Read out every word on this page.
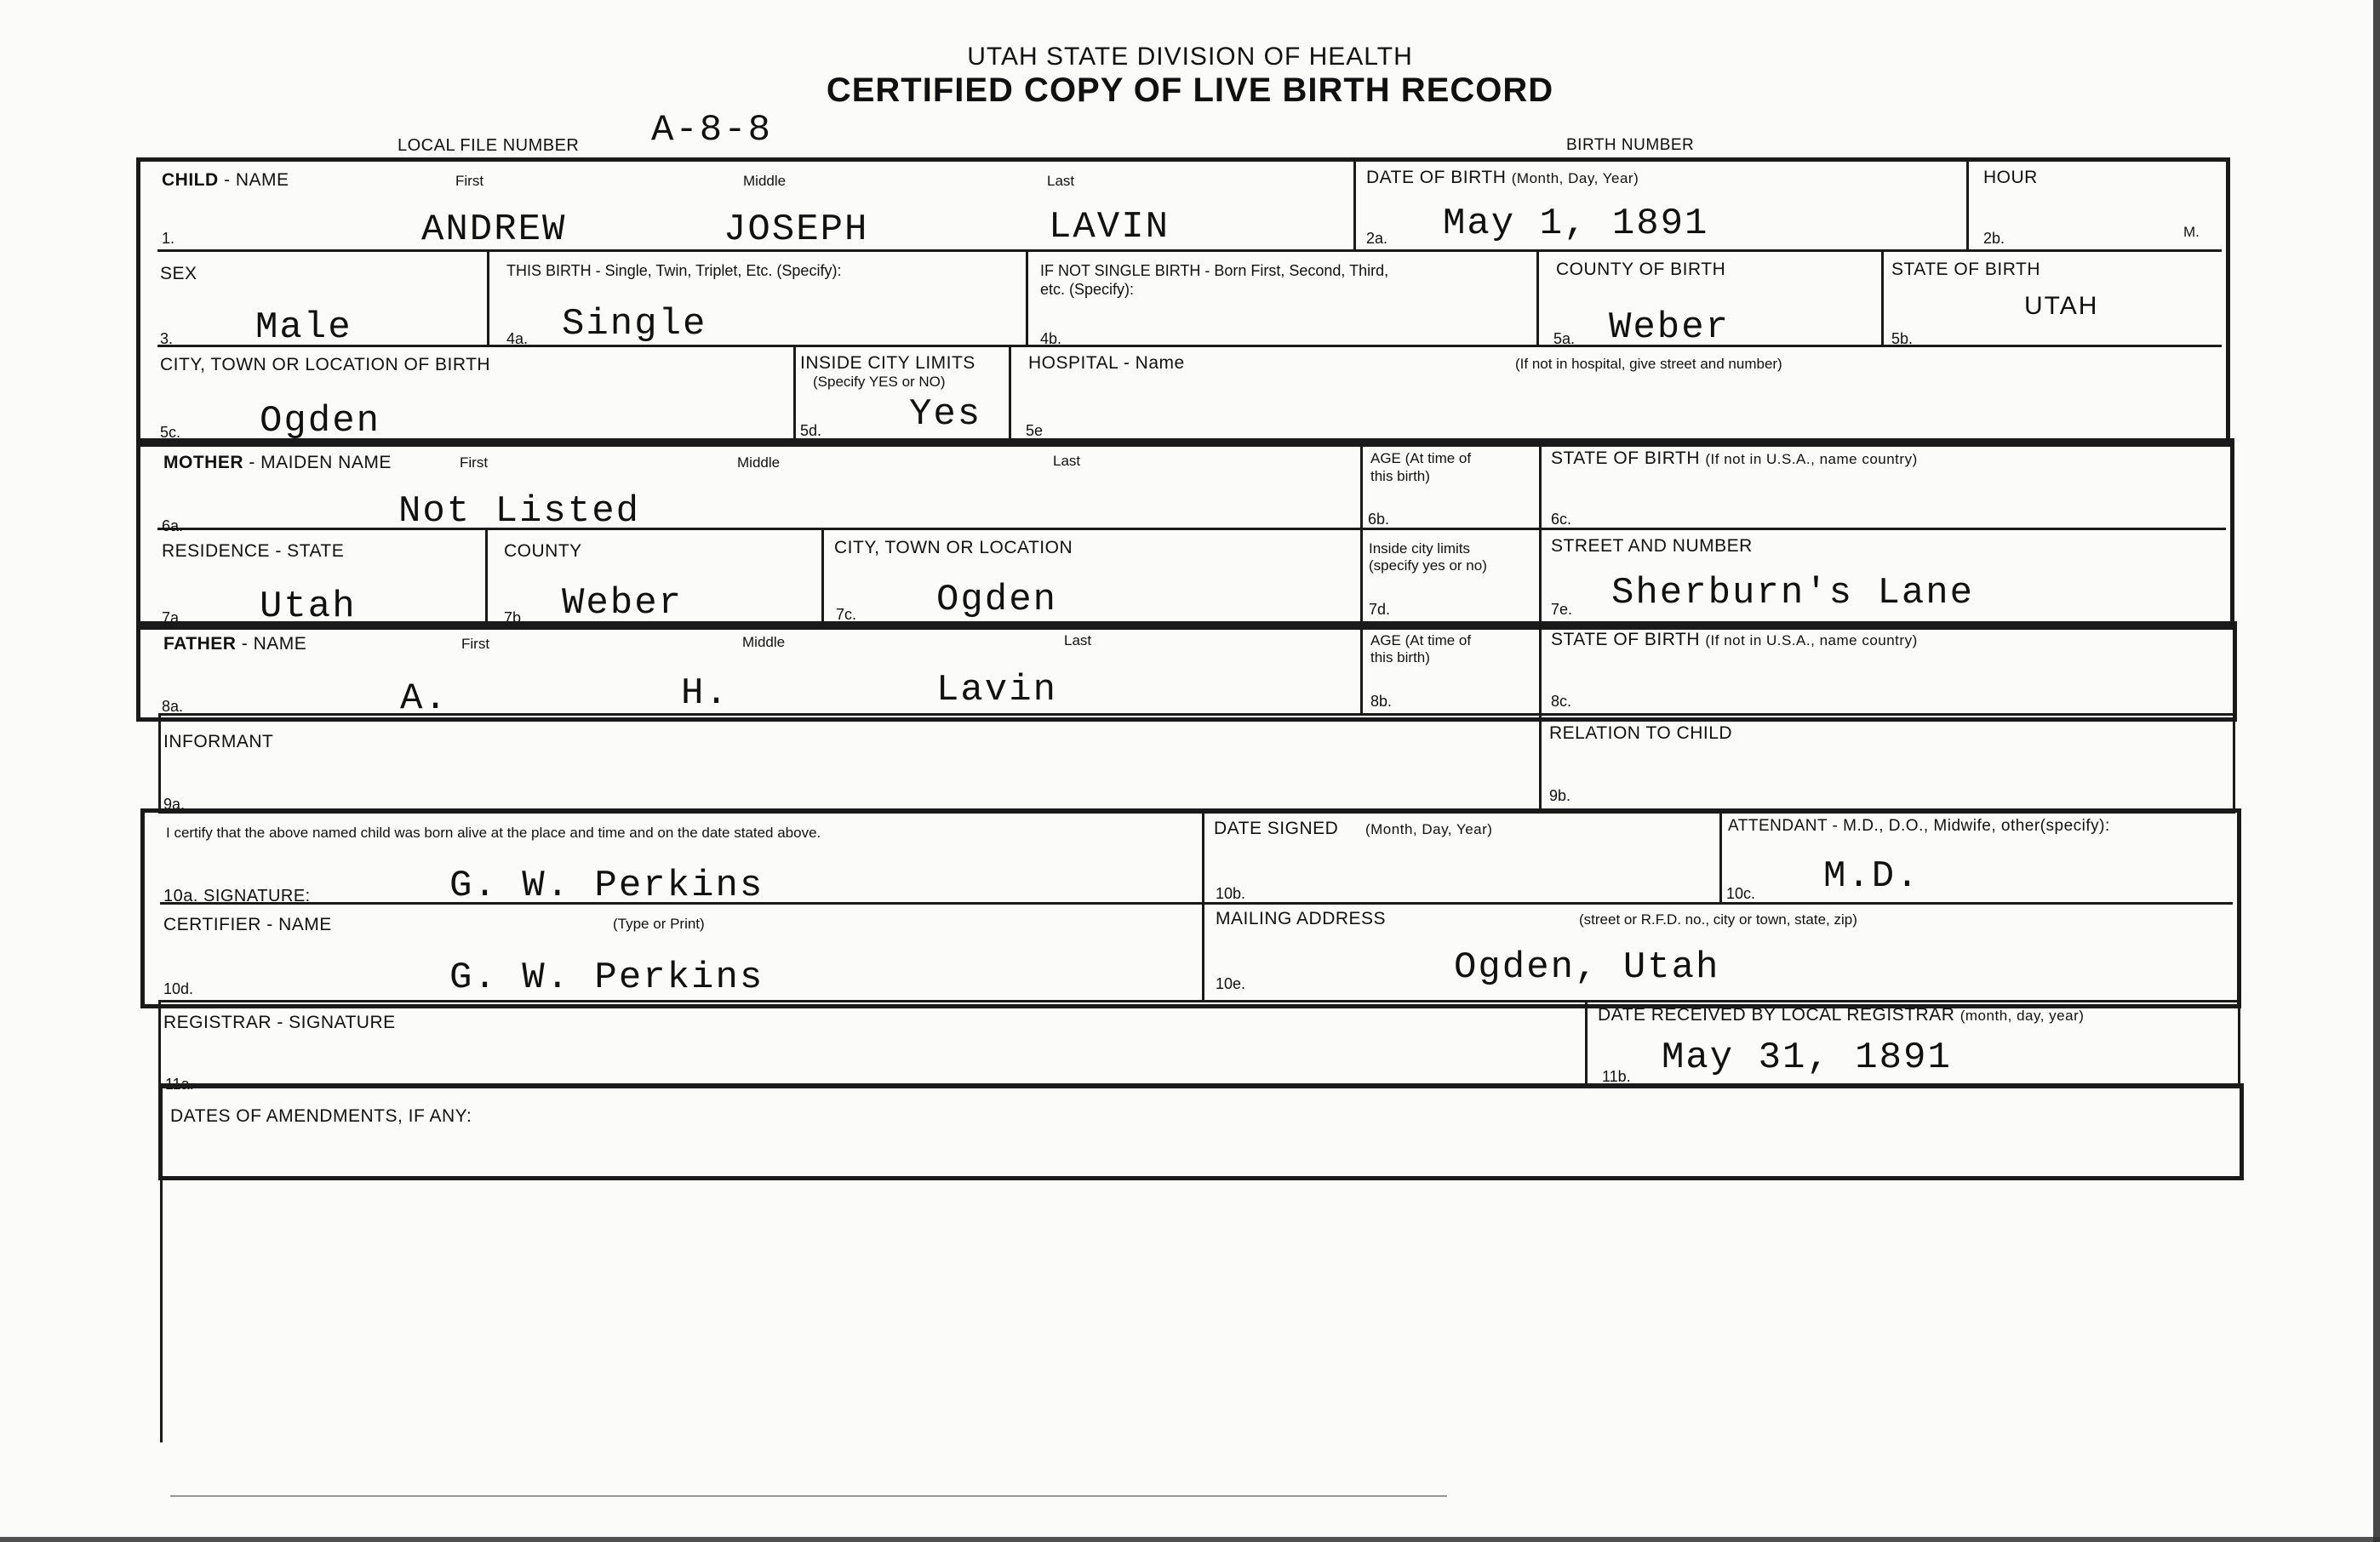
UTAH STATE DIVISION OF HEALTH
CERTIFIED COPY OF LIVE BIRTH RECORD
LOCAL FILE NUMBER A-8-8	BIRTH NUMBER
CHILD - NAME	First	Middle	Last
1.	ANDREW	JOSEPH	LAVIN
DATE OF BIRTH (Month, Day, Year)
2a. May 1, 1891
HOUR
2b.	M.
SEX
3. Male
THIS BIRTH - Single, Twin, Triplet, Etc. (Specify):
4a. Single
IF NOT SINGLE BIRTH - Born First, Second, Third,
etc. (Specify):
4b.
COUNTY OF BIRTH
5a. Weber
STATE OF BIRTH
5b.
UTAH
CITY, TOWN OR LOCATION OF BIRTH
5c. Ogden
INSIDE CITY LIMITS
(Specify YES or NO)
5d. Yes
HOSPITAL - Name	(If not in hospital, give street and number)
5e
MOTHER - MAIDEN NAME	First	Middle	Last
6a.	Not Listed
AGE (At time of
this birth)
6b.
STATE OF BIRTH (If not in U.S.A., name country)
6c.
RESIDENCE - STATE
7a. Utah
COUNTY
7b. Weber
CITY, TOWN OR LOCATION
7c. Ogden
Inside city limits
(specify yes or no)
7d.
STREET AND NUMBER
7e. Sherburn's Lane
FATHER - NAME	First	Middle	Last
8a.	A.	H.	Lavin
AGE (At time of
this birth)
8b.
STATE OF BIRTH (If not in U.S.A., name country)
8c.
INFORMANT
9a.
RELATION TO CHILD
9b.
I certify that the above named child was born alive at the place and time and on the date stated above.
10a. SIGNATURE:	G. W. Perkins
DATE SIGNED (Month, Day, Year)
10b.
ATTENDANT - M.D., D.O., Midwife, other(specify):
10c. M.D.
CERTIFIER - NAME	(Type or Print)
10d.	G. W. Perkins
MAILING ADDRESS	(street or R.F.D. no., city or town, state, zip)
10e.	Ogden, Utah
REGISTRAR - SIGNATURE
11a.
DATE RECEIVED BY LOCAL REGISTRAR (month, day, year)
11b. May 31, 1891
DATES OF AMENDMENTS, IF ANY:
